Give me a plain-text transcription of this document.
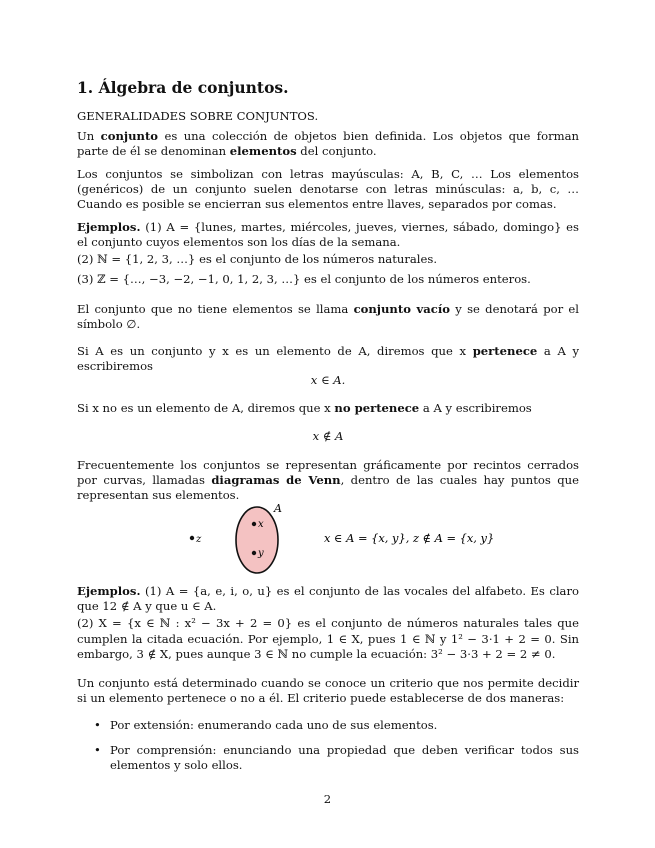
1. Álgebra de conjuntos.

GENERALIDADES SOBRE CONJUNTOS.

Un conjunto es una colección de objetos bien definida. Los objetos que forman parte de él se denominan elementos del conjunto.

Los conjuntos se simbolizan con letras mayúsculas: A, B, C, … Los elementos (genéricos) de un conjunto suelen denotarse con letras minúsculas: a, b, c, … Cuando es posible se encierran sus elementos entre llaves, separados por comas.

Ejemplos. (1) A = {lunes, martes, miércoles, jueves, viernes, sábado, domingo} es el conjunto cuyos elementos son los días de la semana.

(2) ℕ = {1, 2, 3, …} es el conjunto de los números naturales.

(3) ℤ = {…, −3, −2, −1, 0, 1, 2, 3, …} es el conjunto de los números enteros.

El conjunto que no tiene elementos se llama conjunto vacío y se denotará por el símbolo ∅.

Si A es un conjunto y x es un elemento de A, diremos que x pertenece a A y escribiremos

x ∈ A.

Si x no es un elemento de A, diremos que x no pertenece a A y escribiremos

x ∉ A

Frecuentemente los conjuntos se representan gráficamente por recintos cerrados por curvas, llamadas diagramas de Venn, dentro de las cuales hay puntos que representan sus elementos.

A
x
y
z	x ∈ A = {x, y}, z ∉ A = {x, y}

Ejemplos. (1) A = {a, e, i, o, u} es el conjunto de las vocales del alfabeto. Es claro que 12 ∉ A y que u ∈ A.

(2) X = {x ∈ ℕ : x² − 3x + 2 = 0} es el conjunto de números naturales tales que cumplen la citada ecuación. Por ejemplo, 1 ∈ X, pues 1 ∈ ℕ y 1² − 3·1 + 2 = 0. Sin embargo, 3 ∉ X, pues aunque 3 ∈ ℕ no cumple la ecuación: 3² − 3·3 + 2 = 2 ≠ 0.

Un conjunto está determinado cuando se conoce un criterio que nos permite decidir si un elemento pertenece o no a él. El criterio puede establecerse de dos maneras:

• Por extensión: enumerando cada uno de sus elementos.
• Por comprensión: enunciando una propiedad que deben verificar todos sus elementos y solo ellos.
2
